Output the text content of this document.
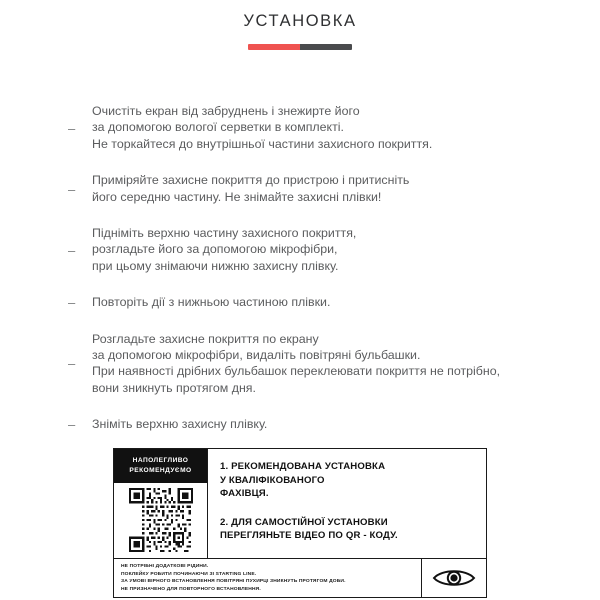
УСТАНОВКА
–
Очистіть екран від забруднень і знежирте його
за допомогою вологої серветки в комплекті.
Не торкайтеся до внутрішньої частини захисного покриття.
–
Приміряйте захисне покриття до пристрою і притисніть
його середню частину. Не знімайте захисні плівки!
–
Підніміть верхню частину захисного покриття,
розгладьте його за допомогою мікрофібри,
при цьому знімаючи нижню захисну плівку.
–	Повторіть дії з нижньою частиною плівки.
–
Розгладьте захисне покриття по екрану
за допомогою мікрофібри, видаліть повітряні бульбашки.
При наявності дрібних бульбашок переклеювати покриття не потрібно,
вони зникнуть протягом дня.
–	Зніміть верхню захисну плівку.
НАПОЛЕГЛИВО
РЕКОМЕНДУЄМО	1. РЕКОМЕНДОВАНА УСТАНОВКА
У КВАЛІФІКОВАНОГО
ФАХІВЦЯ.
2. ДЛЯ САМОСТІЙНОЇ УСТАНОВКИ
ПЕРЕГЛЯНЬТЕ ВІДЕО ПО QR - КОДУ.
НЕ ПОТРІБНІ ДОДАТКОВІ РІДИНИ.
ПОКЛЕЙКУ РОБИТИ ПОЧИНАЮЧИ ЗІ STARTING LINE.
ЗА УМОВІ ВІРНОГО ВСТАНОВЛЕННЯ ПОВІТРЯНІ ПУХИРЦІ ЗНИКНУТЬ ПРОТЯГОМ ДОБИ.
НЕ ПРИЗНАЧЕНО ДЛЯ ПОВТОРНОГО ВСТАНОВЛЕННЯ.
